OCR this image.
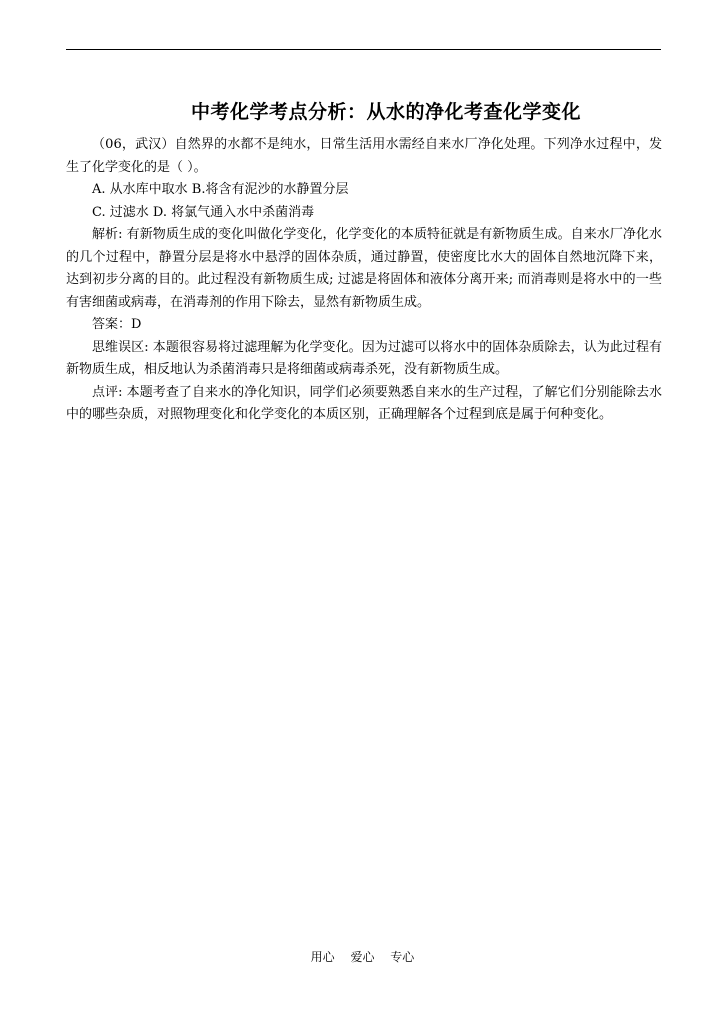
中考化学考点分析：从水的净化考查化学变化

（06，武汉）自然界的水都不是纯水，日常生活用水需经自来水厂净化处理。下列净水过程中，发生了化学变化的是（ ）。

A. 从水库中取水 B.将含有泥沙的水静置分层

C. 过滤水 D. 将氯气通入水中杀菌消毒

解析: 有新物质生成的变化叫做化学变化，化学变化的本质特征就是有新物质生成。自来水厂净化水的几个过程中，静置分层是将水中悬浮的固体杂质，通过静置，使密度比水大的固体自然地沉降下来，达到初步分离的目的。此过程没有新物质生成; 过滤是将固体和液体分离开来; 而消毒则是将水中的一些有害细菌或病毒，在消毒剂的作用下除去，显然有新物质生成。

答案：D

思维误区: 本题很容易将过滤理解为化学变化。因为过滤可以将水中的固体杂质除去，认为此过程有新物质生成，相反地认为杀菌消毒只是将细菌或病毒杀死，没有新物质生成。

点评: 本题考查了自来水的净化知识，同学们必须要熟悉自来水的生产过程，了解它们分别能除去水中的哪些杂质，对照物理变化和化学变化的本质区别，正确理解各个过程到底是属于何种变化。

用心　 爱心　 专心
